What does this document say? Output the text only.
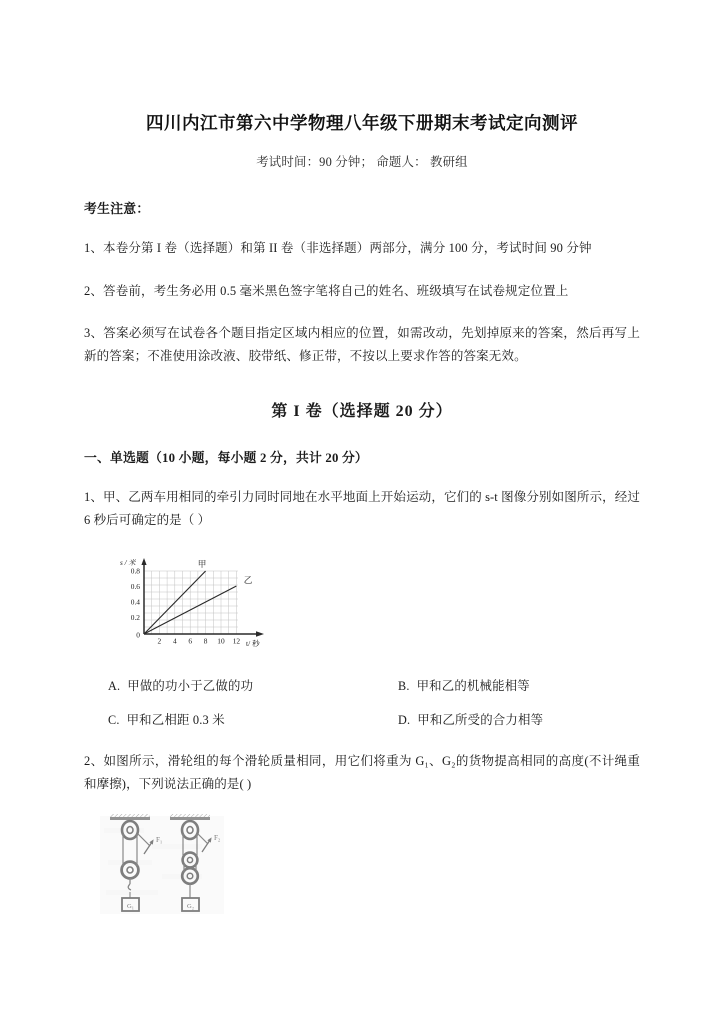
四川内江市第六中学物理八年级下册期末考试定向测评
考试时间：90 分钟； 命题人： 教研组
考生注意：
1、本卷分第 I 卷（选择题）和第 II 卷（非选择题）两部分，满分 100 分，考试时间 90 分钟
2、答卷前，考生务必用 0.5 毫米黑色签字笔将自己的姓名、班级填写在试卷规定位置上
3、答案必须写在试卷各个题目指定区域内相应的位置，如需改动，先划掉原来的答案，然后再写上新的答案；不准使用涂改液、胶带纸、修正带，不按以上要求作答的答案无效。
第 I 卷（选择题 20 分）
一、单选题（10 小题，每小题 2 分，共计 20 分）
1、甲、乙两车用相同的牵引力同时同地在水平地面上开始运动，它们的 s-t 图像分别如图所示，经过 6 秒后可确定的是（ ）
0.8
0.6
0.4
0.2
0
2 4 6 8 10 12
s / 米
t/ 秒
甲
乙
A. 甲做的功小于乙做的功	B. 甲和乙的机械能相等
C. 甲和乙相距 0.3 米	D. 甲和乙所受的合力相等
2、如图所示，滑轮组的每个滑轮质量相同，用它们将重为 G₁、G₂的货物提高相同的高度(不计绳重和摩擦)，下列说法正确的是( )
F₁
G₁
F₂
G₂
